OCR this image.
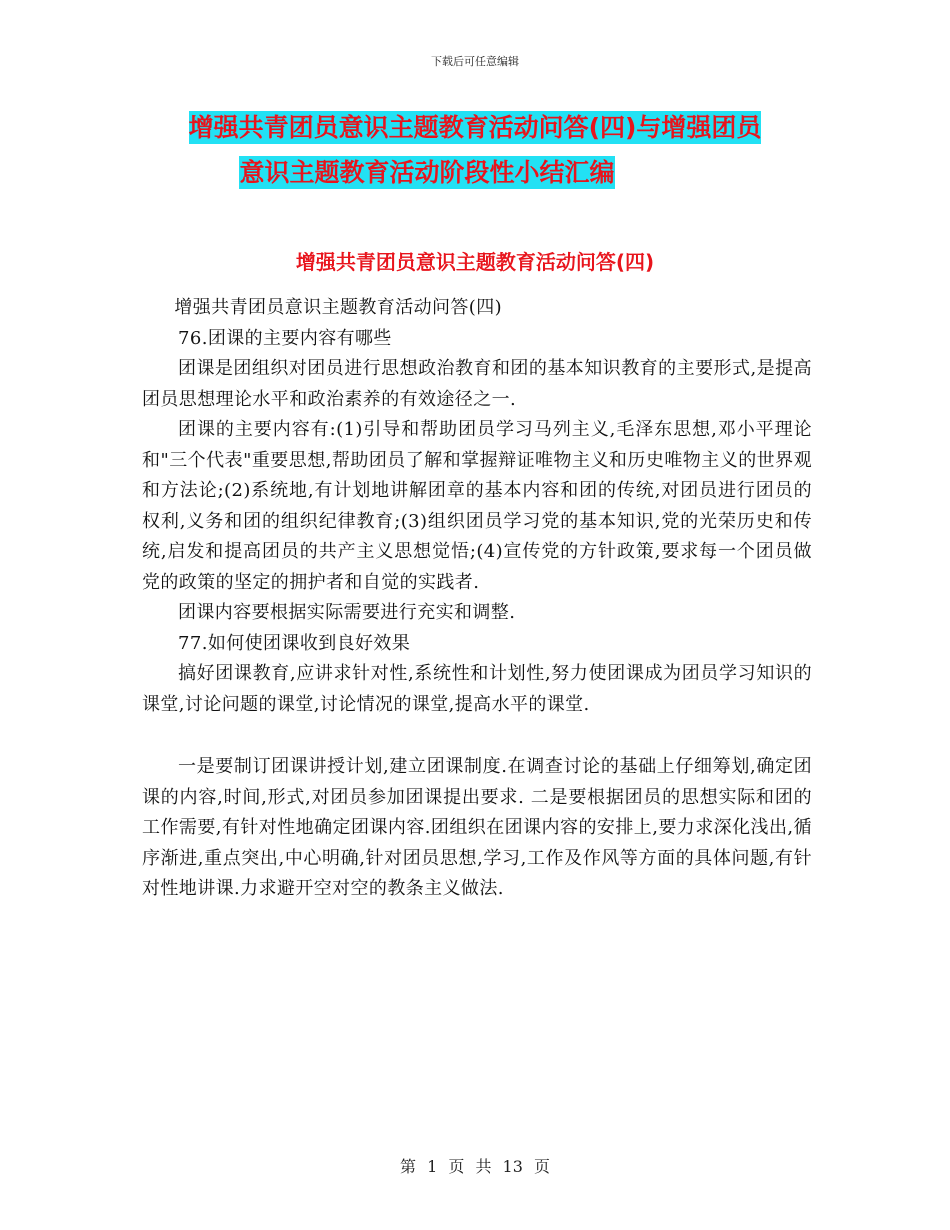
下载后可任意编辑
增强共青团员意识主题教育活动问答(四)与增强团员
意识主题教育活动阶段性小结汇编
增强共青团员意识主题教育活动问答(四)

增强共青团员意识主题教育活动问答(四)

76.团课的主要内容有哪些

团课是团组织对团员进行思想政治教育和团的基本知识教育的主要形式,是提高团员思想理论水平和政治素养的有效途径之一.

团课的主要内容有:(1)引导和帮助团员学习马列主义,毛泽东思想,邓小平理论和"三个代表"重要思想,帮助团员了解和掌握辩证唯物主义和历史唯物主义的世界观和方法论;(2)系统地,有计划地讲解团章的基本内容和团的传统,对团员进行团员的权利,义务和团的组织纪律教育;(3)组织团员学习党的基本知识,党的光荣历史和传统,启发和提高团员的共产主义思想觉悟;(4)宣传党的方针政策,要求每一个团员做党的政策的坚定的拥护者和自觉的实践者.

团课内容要根据实际需要进行充实和调整.

77.如何使团课收到良好效果

搞好团课教育,应讲求针对性,系统性和计划性,努力使团课成为团员学习知识的课堂,讨论问题的课堂,讨论情况的课堂,提高水平的课堂.

一是要制订团课讲授计划,建立团课制度.在调查讨论的基础上仔细筹划,确定团课的内容,时间,形式,对团员参加团课提出要求. 二是要根据团员的思想实际和团的工作需要,有针对性地确定团课内容.团组织在团课内容的安排上,要力求深化浅出,循序渐进,重点突出,中心明确,针对团员思想,学习,工作及作风等方面的具体问题,有针对性地讲课.力求避开空对空的教条主义做法.

第 1 页 共 13 页
